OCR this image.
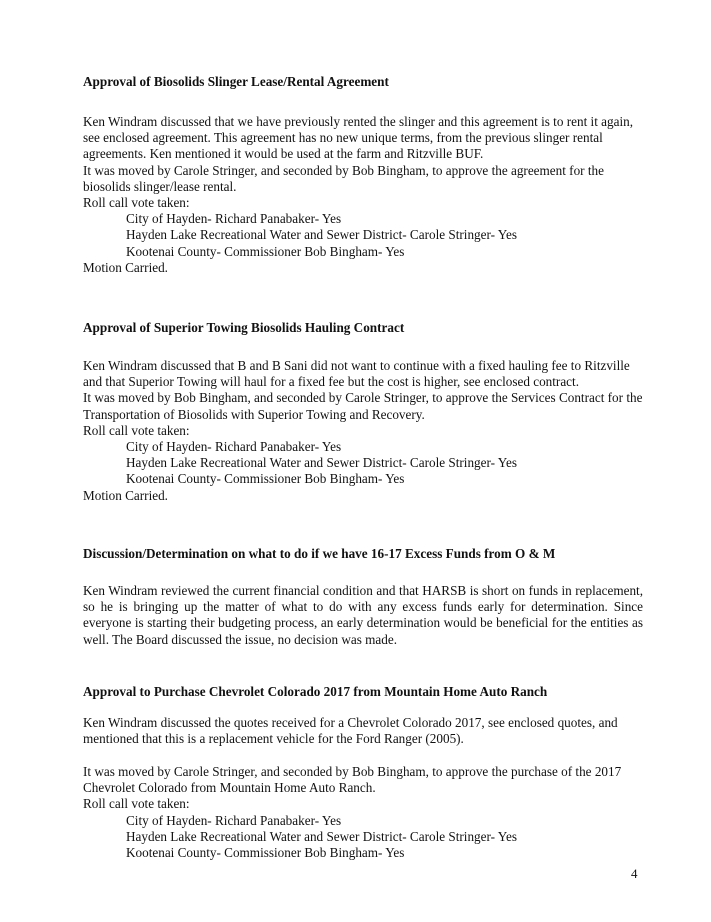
Approval of Biosolids Slinger Lease/Rental Agreement

Ken Windram discussed that we have previously rented the slinger and this agreement is to rent it again, see enclosed agreement. This agreement has no new unique terms, from the previous slinger rental agreements. Ken mentioned it would be used at the farm and Ritzville BUF.

It was moved by Carole Stringer, and seconded by Bob Bingham, to approve the agreement for the biosolids slinger/lease rental.

Roll call vote taken:

City of Hayden- Richard Panabaker- Yes

Hayden Lake Recreational Water and Sewer District- Carole Stringer- Yes

Kootenai County- Commissioner Bob Bingham- Yes

Motion Carried.

Approval of Superior Towing Biosolids Hauling Contract

Ken Windram discussed that B and B Sani did not want to continue with a fixed hauling fee to Ritzville and that Superior Towing will haul for a fixed fee but the cost is higher, see enclosed contract.

It was moved by Bob Bingham, and seconded by Carole Stringer, to approve the Services Contract for the Transportation of Biosolids with Superior Towing and Recovery.

Roll call vote taken:

City of Hayden- Richard Panabaker- Yes

Hayden Lake Recreational Water and Sewer District- Carole Stringer- Yes

Kootenai County- Commissioner Bob Bingham- Yes

Motion Carried.

Discussion/Determination on what to do if we have 16-17 Excess Funds from O & M

Ken Windram reviewed the current financial condition and that HARSB is short on funds in replacement, so he is bringing up the matter of what to do with any excess funds early for determination. Since everyone is starting their budgeting process, an early determination would be beneficial for the entities as well. The Board discussed the issue, no decision was made.

Approval to Purchase Chevrolet Colorado 2017 from Mountain Home Auto Ranch

Ken Windram discussed the quotes received for a Chevrolet Colorado 2017, see enclosed quotes, and mentioned that this is a replacement vehicle for the Ford Ranger (2005).

It was moved by Carole Stringer, and seconded by Bob Bingham, to approve the purchase of the 2017 Chevrolet Colorado from Mountain Home Auto Ranch.

Roll call vote taken:

City of Hayden- Richard Panabaker- Yes

Hayden Lake Recreational Water and Sewer District- Carole Stringer- Yes

Kootenai County- Commissioner Bob Bingham- Yes

4
